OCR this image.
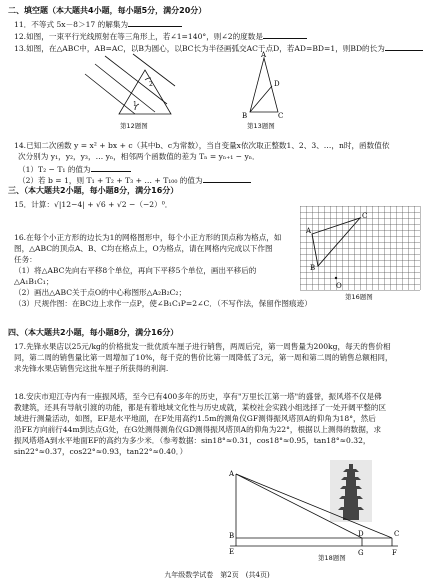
二、填空题（本大题共4小题，每小题5分，满分20分）
11．不等式 5x－8＞17 的解集为
12.如图，一束平行光线照射在等三角形上，若∠1=140°，则∠2的度数是
13.如图，在△ABC中，AB=AC，以B为圆心，以BC长为半径画弧交AC于点D，若AD=BD=1，则BD的长为
2
1
第12题图
A
D
B	C
第13题图
14.已知二次函数 y = x² + bx + c（其中b、c为常数），当自变量x依次取正整数1、2、3、…，n时，函数值依
次分别为 y₁，y₂，y₃，… yₙ，相邻两个函数值的差为 Tₙ = yₙ₊₁ − yₙ．
（1）T₂ − T₁ 的值为
（2）若 b = 1，则 T₁ + T₂ + T₃ + … + T₁₀₀ 的值为
三、（本大题共2小题，每小题8分，满分16分）
15．计算：√|12−4| + √6 + √2 −（−2）⁰．
16.在每个小正方形的边长为1的网格图形中，每个小正方形的顶点称为格点，如
图，△ABC的顶点A、B、C均在格点上，O为格点，请在网格内完成以下作图
任务：
（1）将△ABC先向右平移8个单位，再向下平移5个单位，画出平移后的
△A₁B₁C₁；
（2）画出△ABC关于点O的中心称图形△A₂B₂C₂；
（3）尺规作图：在BC边上求作一点P，使∠B₁C₁P=2∠C．（不写作法，保留作图痕迹）
A
C
B
O
第16题图
四、（本大题共2小题，每小题8分，满分16分）
17.先锋水果店以25元/kg的价格批发一批优质车厘子进行销售，两周后完，第一周售量为200kg，每天的售价相
同，第二周的销售量比第一周增加了10%，每千克的售价比第一周降低了3元，第一周和第二周的销售总额相同，
求先锋水果店销售完这批车厘子所获得的利润.
18.安庆市迎江寺内有一座振风塔，至今已有400多年的历史，享有"万里长江第一塔"的盛誉，振风塔不仅是佛
教建筑，还具有导航引渡的功能，都是有着地域文化性与历史成就，某校社会实践小组选择了一处开阔平整的区
域进行测量活动，如图，EF是水平地面，在F处用高约1.5m的测角仪GF测得振风塔顶A的仰角为18°，然后
沿FE方向前行44m到达点G处，在G处测得测角仪GD测得振风塔顶A的仰角为22°，根据以上测得的数据，求
振风塔塔A到水平地面EF的高约为多少米．（参考数据：sin18°≈0.31，cos18°≈0.95，tan18°≈0.32，
sin22°≈0.37，cos22°≈0.93，tan22°≈0.40．）
A
B
E
D	C
G	F
第18题图
九年级数学试卷　第2页　(共4页)
